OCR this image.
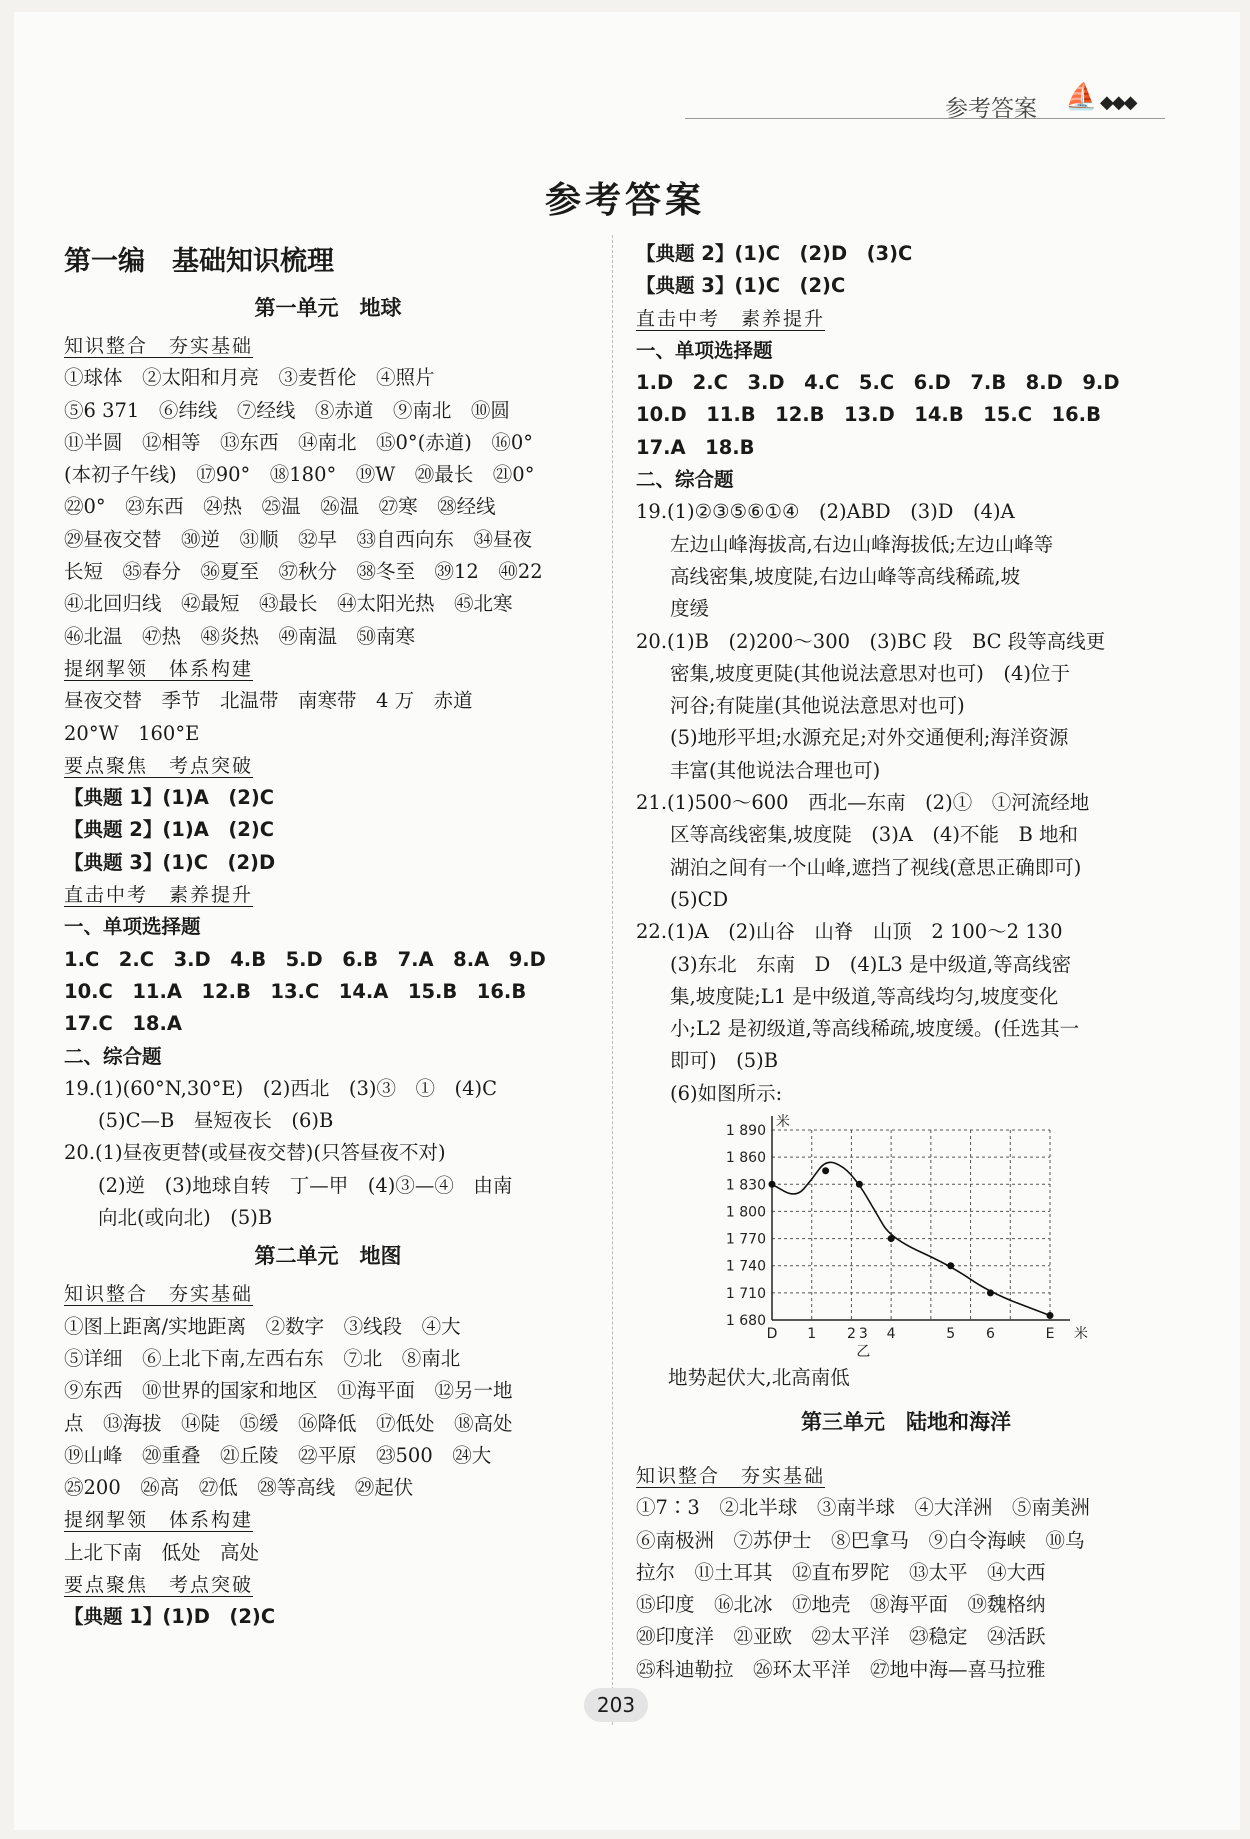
参考答案 ⛵ ◆◆◆
参考答案
第一编　基础知识梳理
第一单元　地球
知识整合　夯实基础
①球体　②太阳和月亮　③麦哲伦　④照片
⑤6 371　⑥纬线　⑦经线　⑧赤道　⑨南北　⑩圆
⑪半圆　⑫相等　⑬东西　⑭南北　⑮0°(赤道)　⑯0°
(本初子午线)　⑰90°　⑱180°　⑲W　⑳最长　㉑0°
㉒0°　㉓东西　㉔热　㉕温　㉖温　㉗寒　㉘经线
㉙昼夜交替　㉚逆　㉛顺　㉜早　㉝自西向东　㉞昼夜
长短　㉟春分　㊱夏至　㊲秋分　㊳冬至　㊴12　㊵22
㊶北回归线　㊷最短　㊸最长　㊹太阳光热　㊺北寒
㊻北温　㊼热　㊽炎热　㊾南温　㊿南寒
提纲挈领　体系构建
昼夜交替　季节　北温带　南寒带　4 万　赤道
20°W　160°E
要点聚焦　考点突破
【典题 1】(1)A　(2)C
【典题 2】(1)A　(2)C
【典题 3】(1)C　(2)D
直击中考　素养提升
一、单项选择题
1.C　2.C　3.D　4.B　5.D　6.B　7.A　8.A　9.D
10.C　11.A　12.B　13.C　14.A　15.B　16.B
17.C　18.A
二、综合题
19.(1)(60°N,30°E)　(2)西北　(3)③　①　(4)C
(5)C—B　昼短夜长　(6)B
20.(1)昼夜更替(或昼夜交替)(只答昼夜不对)
(2)逆　(3)地球自转　丁—甲　(4)③—④　由南
向北(或向北)　(5)B
第二单元　地图
知识整合　夯实基础
①图上距离/实地距离　②数字　③线段　④大
⑤详细　⑥上北下南,左西右东　⑦北　⑧南北
⑨东西　⑩世界的国家和地区　⑪海平面　⑫另一地
点　⑬海拔　⑭陡　⑮缓　⑯降低　⑰低处　⑱高处
⑲山峰　⑳重叠　㉑丘陵　㉒平原　㉓500　㉔大
㉕200　㉖高　㉗低　㉘等高线　㉙起伏
提纲挈领　体系构建
上北下南　低处　高处
要点聚焦　考点突破
【典题 1】(1)D　(2)C
【典题 2】(1)C　(2)D　(3)C
【典题 3】(1)C　(2)C
直击中考　素养提升
一、单项选择题
1.D　2.C　3.D　4.C　5.C　6.D　7.B　8.D　9.D
10.D　11.B　12.B　13.D　14.B　15.C　16.B
17.A　18.B
二、综合题
19.(1)②③⑤⑥①④　(2)ABD　(3)D　(4)A
左边山峰海拔高,右边山峰海拔低;左边山峰等
高线密集,坡度陡,右边山峰等高线稀疏,坡
度缓
20.(1)B　(2)200～300　(3)BC 段　BC 段等高线更
密集,坡度更陡(其他说法意思对也可)　(4)位于
河谷;有陡崖(其他说法意思对也可)
(5)地形平坦;水源充足;对外交通便利;海洋资源
丰富(其他说法合理也可)
21.(1)500～600　西北—东南　(2)①　①河流经地
区等高线密集,坡度陡　(3)A　(4)不能　B 地和
湖泊之间有一个山峰,遮挡了视线(意思正确即可)
(5)CD
22.(1)A　(2)山谷　山脊　山顶　2 100～2 130
(3)东北　东南　D　(4)L3 是中级道,等高线密
集,坡度陡;L1 是中级道,等高线均匀,坡度变化
小;L2 是初级道,等高线稀疏,坡度缓。(任选其一
即可)　(5)B
(6)如图所示:
1 680
1 710
1 740
1 770
1 800
1 830
1 860
1 890
米
米
D 1 2 3 4	5 6	E
乙
地势起伏大,北高南低
第三单元　陆地和海洋
知识整合　夯实基础
①7∶3　②北半球　③南半球　④大洋洲　⑤南美洲
⑥南极洲　⑦苏伊士　⑧巴拿马　⑨白令海峡　⑩乌
拉尔　⑪土耳其　⑫直布罗陀　⑬太平　⑭大西
⑮印度　⑯北冰　⑰地壳　⑱海平面　⑲魏格纳
⑳印度洋　㉑亚欧　㉒太平洋　㉓稳定　㉔活跃
㉕科迪勒拉　㉖环太平洋　㉗地中海—喜马拉雅
203
